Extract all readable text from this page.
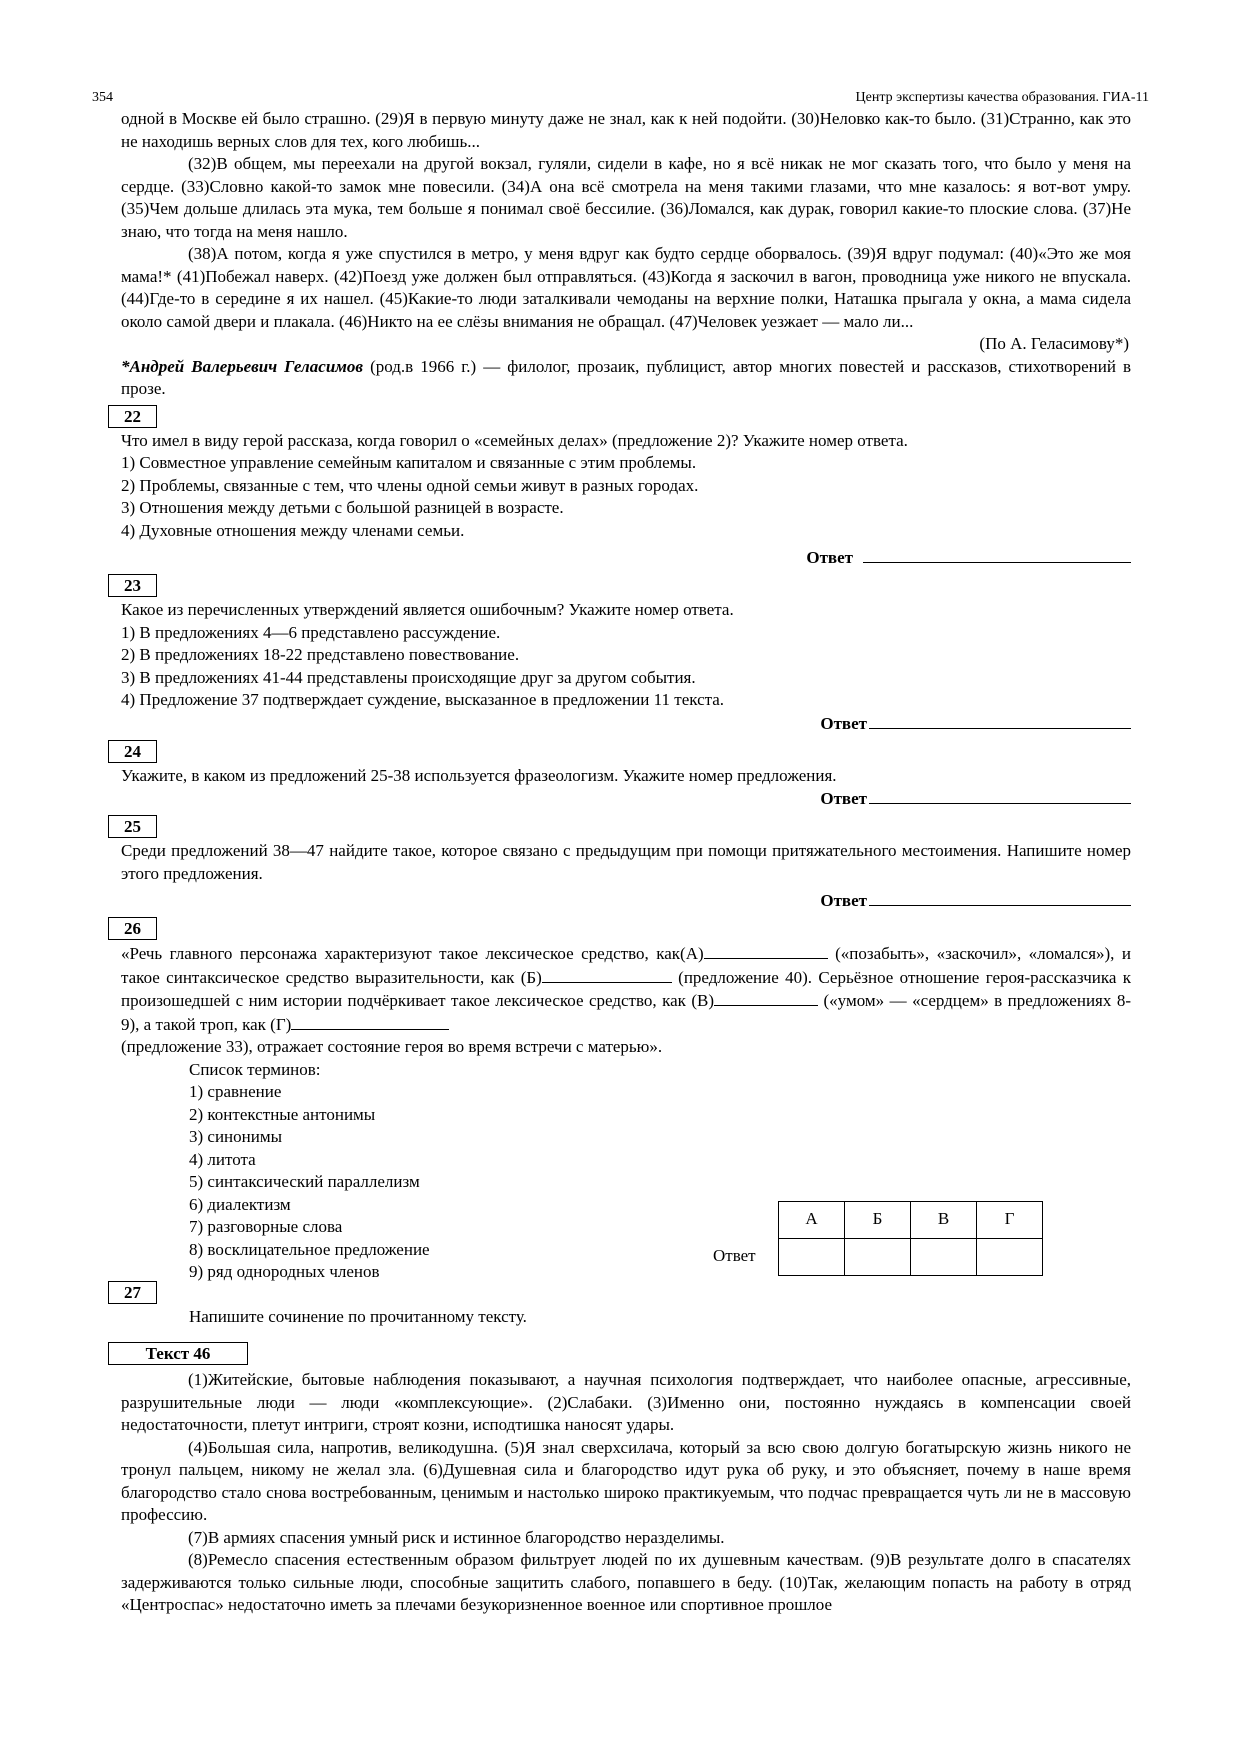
354	Центр экспертизы качества образования. ГИА-11

одной в Москве ей было страшно. (29)Я в первую минуту даже не знал, как к ней подойти. (30)Неловко как-то было. (31)Странно, как это не находишь верных слов для тех, кого любишь...

(32)В общем, мы переехали на другой вокзал, гуляли, сидели в кафе, но я всё никак не мог сказать того, что было у меня на сердце. (33)Словно какой-то замок мне повесили. (34)А она всё смотрела на меня такими глазами, что мне казалось: я вот-вот умру. (35)Чем дольше длилась эта мука, тем больше я понимал своё бессилие. (36)Ломался, как дурак, говорил какие-то плоские слова. (37)Не знаю, что тогда на меня нашло.

(38)А потом, когда я уже спустился в метро, у меня вдруг как будто сердце оборвалось. (39)Я вдруг подумал: (40)«Это же моя мама!* (41)Побежал наверх. (42)Поезд уже должен был отправляться. (43)Когда я заскочил в вагон, проводница уже никого не впускала. (44)Где-то в середине я их нашел. (45)Какие-то люди заталкивали чемоданы на верхние полки, Наташка прыгала у окна, а мама сидела около самой двери и плакала. (46)Никто на ее слёзы внимания не обращал. (47)Человек уезжает — мало ли...

(По А. Геласимову*)

*Андрей Валерьевич Геласимов (род.в 1966 г.) — филолог, прозаик, публицист, автор многих повестей и рассказов, стихотворений в прозе.

22

Что имел в виду герой рассказа, когда говорил о «семейных делах» (предложение 2)? Укажите номер ответа.

1) Совместное управление семейным капиталом и связанные с этим проблемы.
2) Проблемы, связанные с тем, что члены одной семьи живут в разных городах.
3) Отношения между детьми с большой разницей в возрасте.
4) Духовные отношения между членами семьи.

Ответ

23

Какое из перечисленных утверждений является ошибочным? Укажите номер ответа.

1) В предложениях 4—6 представлено рассуждение.
2) В предложениях 18-22 представлено повествование.
3) В предложениях 41-44 представлены происходящие друг за другом события.
4) Предложение 37 подтверждает суждение, высказанное в предложении 11 текста.

Ответ

24

Укажите, в каком из предложений 25-38 используется фразеологизм. Укажите номер предложения.

Ответ

25

Среди предложений 38—47 найдите такое, которое связано с предыдущим при помощи притяжательного местоимения. Напишите номер этого предложения.

Ответ

26

«Речь главного персонажа характеризуют такое лексическое средство, как(А)	(«позабыть», «заскочил», «ломался»), и такое синтаксическое средство выразительности, как (Б)	(предложение 40). Серьёзное отношение героя-рассказчика к произошедшей с ним истории подчёркивает такое лексическое средство, как (В)	(«умом» — «сердцем» в предложениях 8-9), а такой троп, как (Г)
(предложение 33), отражает состояние героя во время встречи с матерью».

Список терминов:
1) сравнение
2) контекстные антонимы
3) синонимы
4) литота
5) синтаксический параллелизм
6) диалектизм
7) разговорные слова
8) восклицательное предложение
9) ряд однородных членов
А	Б	В	Г

Ответ
27
Напишите сочинение по прочитанному тексту.
Текст 46

(1)Житейские, бытовые наблюдения показывают, а научная психология подтверждает, что наиболее опасные, агрессивные, разрушительные люди — люди «комплексующие». (2)Слабаки. (3)Именно они, постоянно нуждаясь в компенсации своей недостаточности, плетут интриги, строят козни, исподтишка наносят удары.

(4)Большая сила, напротив, великодушна. (5)Я знал сверхсилача, который за всю свою долгую богатырскую жизнь никого не тронул пальцем, никому не желал зла. (6)Душевная сила и благородство идут рука об руку, и это объясняет, почему в наше время благородство стало снова востребованным, ценимым и настолько широко практикуемым, что подчас превращается чуть ли не в массовую профессию.

(7)В армиях спасения умный риск и истинное благородство неразделимы.

(8)Ремесло спасения естественным образом фильтрует людей по их душевным качествам. (9)В результате долго в спасателях задерживаются только сильные люди, способные защитить слабого, попавшего в беду. (10)Так, желающим попасть на работу в отряд «Центроспас» недостаточно иметь за плечами безукоризненное военное или спортивное прошлое
